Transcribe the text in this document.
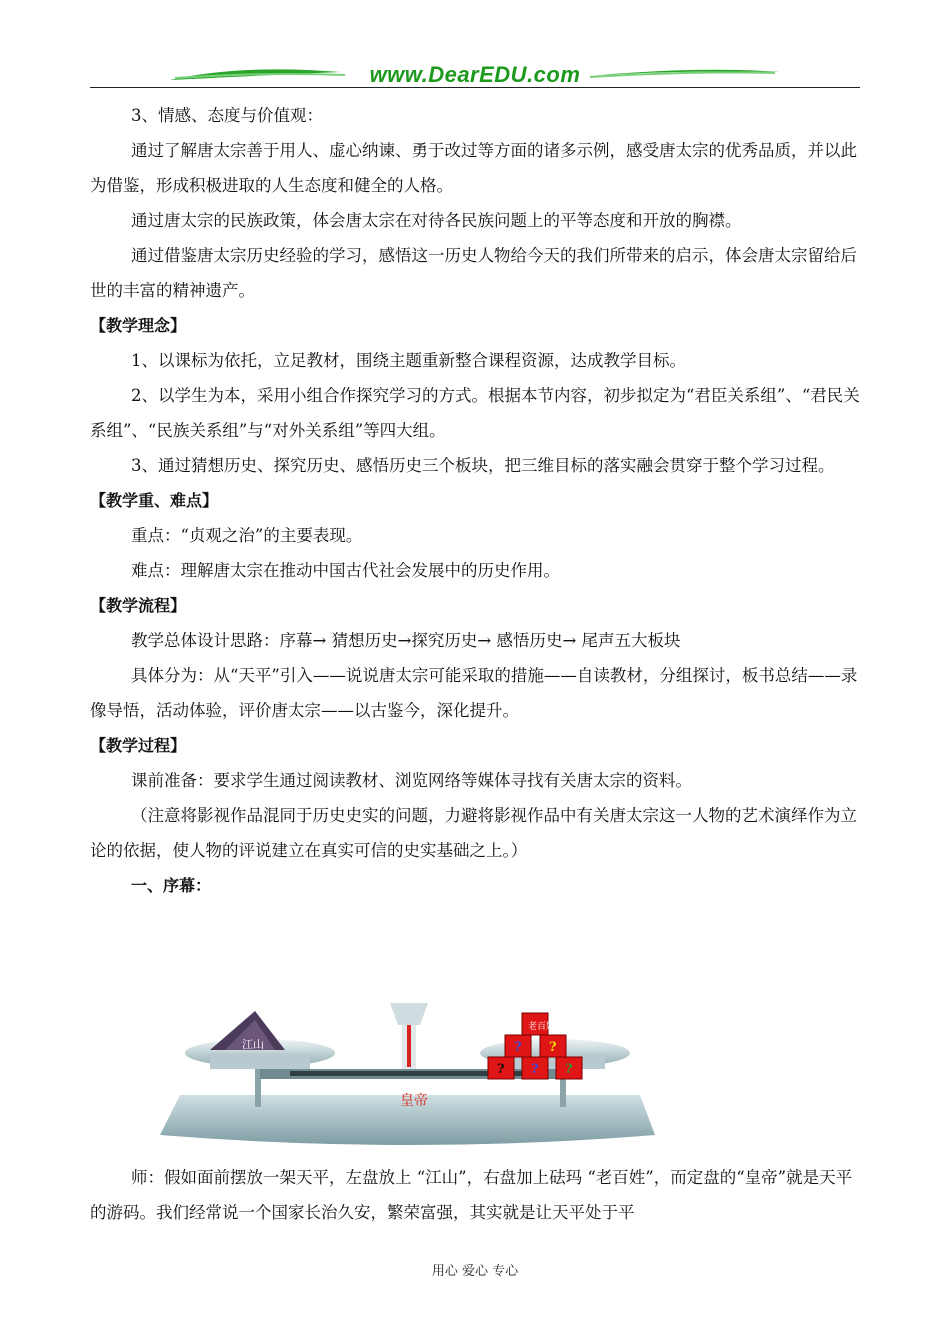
www.DearEDU.com

3、情感、态度与价值观：

通过了解唐太宗善于用人、虚心纳谏、勇于改过等方面的诸多示例，感受唐太宗的优秀品质，并以此为借鉴，形成积极进取的人生态度和健全的人格。

通过唐太宗的民族政策，体会唐太宗在对待各民族问题上的平等态度和开放的胸襟。

通过借鉴唐太宗历史经验的学习，感悟这一历史人物给今天的我们所带来的启示，体会唐太宗留给后世的丰富的精神遗产。

【教学理念】

1、以课标为依托，立足教材，围绕主题重新整合课程资源，达成教学目标。

2、以学生为本，采用小组合作探究学习的方式。根据本节内容，初步拟定为“君臣关系组”、“君民关系组”、“民族关系组”与“对外关系组”等四大组。

3、通过猜想历史、探究历史、感悟历史三个板块，把三维目标的落实融会贯穿于整个学习过程。

【教学重、难点】

重点：“贞观之治”的主要表现。

难点：理解唐太宗在推动中国古代社会发展中的历史作用。

【教学流程】

教学总体设计思路：序幕→ 猜想历史→探究历史→ 感悟历史→ 尾声五大板块

具体分为：从“天平”引入——说说唐太宗可能采取的措施——自读教材，分组探讨，板书总结——录像导悟，活动体验，评价唐太宗——以古鉴今，深化提升。

【教学过程】

课前准备：要求学生通过阅读教材、浏览网络等媒体寻找有关唐太宗的资料。

（注意将影视作品混同于历史史实的问题，力避将影视作品中有关唐太宗这一人物的艺术演绎作为立论的依据，使人物的评说建立在真实可信的史实基础之上。）

一、序幕：

江山
老百姓
? ?
? ? ?
皇帝

师：假如面前摆放一架天平，左盘放上 “江山”，右盘加上砝玛 “老百姓”，而定盘的“皇帝”就是天平的游码。我们经常说一个国家长治久安，繁荣富强，其实就是让天平处于平

用心 爱心 专心
